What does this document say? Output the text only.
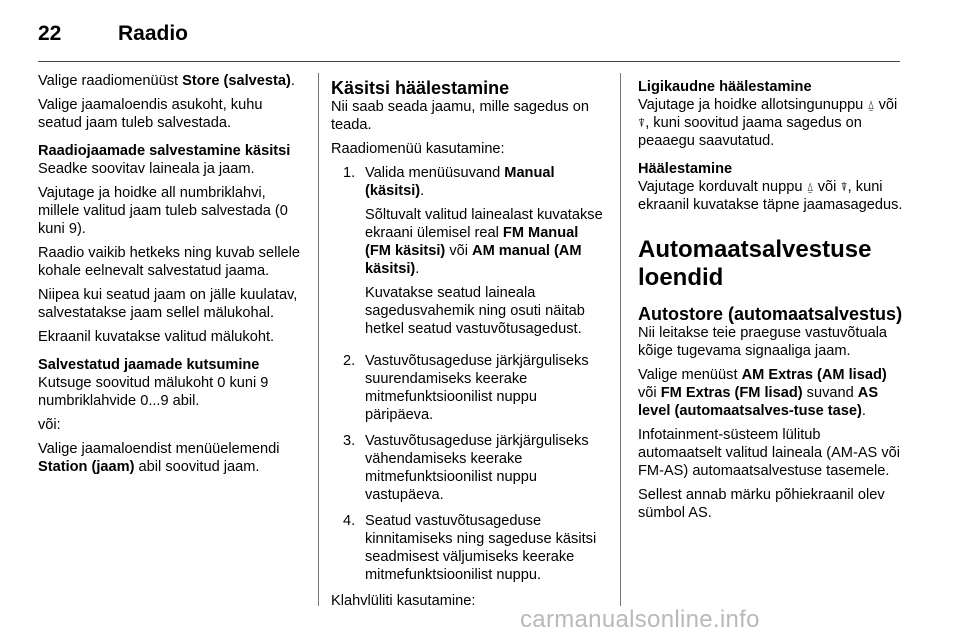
22	Raadio

Valige raadiomenüüst Store (salvesta).

Valige jaamaloendis asukoht, kuhu seatud jaam tuleb salvestada.

Raadiojaamade salvestamine käsitsi

Seadke soovitav laineala ja jaam.

Vajutage ja hoidke all numbriklahvi, millele valitud jaam tuleb salvestada (0 kuni 9).

Raadio vaikib hetkeks ning kuvab sellele kohale eelnevalt salvestatud jaama.

Niipea kui seatud jaam on jälle kuulatav, salvestatakse jaam sellel mälukohal.

Ekraanil kuvatakse valitud mälukoht.

Salvestatud jaamade kutsumine

Kutsuge soovitud mälukoht 0 kuni 9 numbriklahvide 0...9 abil.

või:

Valige jaamaloendist menüüelemendi Station (jaam) abil soovitud jaam.

Käsitsi häälestamine

Nii saab seada jaamu, mille sagedus on teada.

Raadiomenüü kasutamine:

1. Valida menüüsuvand Manual (käsitsi).

Sõltuvalt valitud lainealast kuvatakse ekraani ülemisel real FM Manual (FM käsitsi) või AM manual (AM käsitsi).

Kuvatakse seatud laineala sagedusvahemik ning osuti näitab hetkel seatud vastuvõtusagedust.

2. Vastuvõtusageduse järkjärguliseks suurendamiseks keerake mitmefunktsioonilist nuppu päripäeva.
3. Vastuvõtusageduse järkjärguliseks vähendamiseks keerake mitmefunktsioonilist nuppu vastupäeva.
4. Seatud vastuvõtusageduse kinnitamiseks ning sageduse käsitsi seadmisest väljumiseks keerake mitmefunktsioonilist nuppu.

Klahvlüliti kasutamine:

Ligikaudne häälestamine

Vajutage ja hoidke allotsingunuppu ⍙ või ⍒, kuni soovitud jaama sagedus on peaaegu saavutatud.

Häälestamine

Vajutage korduvalt nuppu ⍙ või ⍒, kuni ekraanil kuvatakse täpne jaamasagedus.

Automaatsalvestuse loendid

Autostore (automaatsalvestus)

Nii leitakse teie praeguse vastuvõtuala kõige tugevama signaaliga jaam.

Valige menüüst AM Extras (AM lisad) või FM Extras (FM lisad) suvand AS level (automaatsalves-tuse tase).

Infotainment-süsteem lülitub automaatselt valitud laineala (AM-AS või FM-AS) automaatsalvestuse tasemele.

Sellest annab märku põhiekraanil olev sümbol AS.

carmanualsonline.info
